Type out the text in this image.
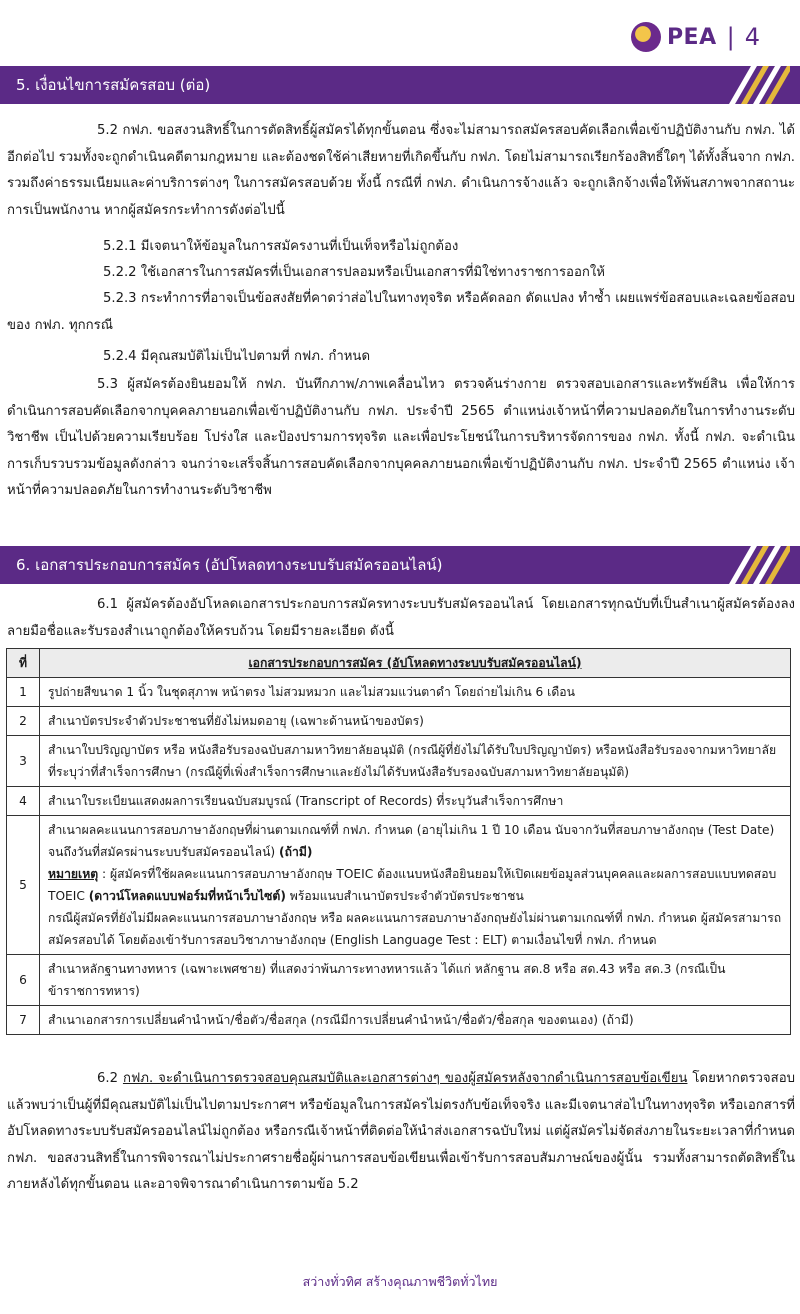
PEA | 4
5. เงื่อนไขการสมัครสอบ (ต่อ)
5.2 กฟภ. ขอสงวนสิทธิ์ในการตัดสิทธิ์ผู้สมัครได้ทุกขั้นตอน ซึ่งจะไม่สามารถสมัครสอบคัดเลือกเพื่อเข้าปฏิบัติงานกับ กฟภ. ได้อีกต่อไป รวมทั้งจะถูกดำเนินคดีตามกฎหมาย และต้องชดใช้ค่าเสียหายที่เกิดขึ้นกับ กฟภ. โดยไม่สามารถเรียกร้องสิทธิ์ใดๆ ได้ทั้งสิ้นจาก กฟภ. รวมถึงค่าธรรมเนียมและค่าบริการต่างๆ ในการสมัครสอบด้วย ทั้งนี้ กรณีที่ กฟภ. ดำเนินการจ้างแล้ว จะถูกเลิกจ้างเพื่อให้พ้นสภาพจากสถานะการเป็นพนักงาน หากผู้สมัครกระทำการดังต่อไปนี้
5.2.1 มีเจตนาให้ข้อมูลในการสมัครงานที่เป็นเท็จหรือไม่ถูกต้อง
5.2.2 ใช้เอกสารในการสมัครที่เป็นเอกสารปลอมหรือเป็นเอกสารที่มิใช่ทางราชการออกให้
5.2.3 กระทำการที่อาจเป็นข้อสงสัยที่คาดว่าส่อไปในทางทุจริต หรือคัดลอก ดัดแปลง ทำซ้ำ เผยแพร่ข้อสอบและเฉลยข้อสอบของ กฟภ. ทุกกรณี
5.2.4 มีคุณสมบัติไม่เป็นไปตามที่ กฟภ. กำหนด
5.3 ผู้สมัครต้องยินยอมให้ กฟภ. บันทึกภาพ/ภาพเคลื่อนไหว ตรวจค้นร่างกาย ตรวจสอบเอกสารและทรัพย์สิน เพื่อให้การดำเนินการสอบคัดเลือกจากบุคคลภายนอกเพื่อเข้าปฏิบัติงานกับ กฟภ. ประจำปี 2565 ตำแหน่งเจ้าหน้าที่ความปลอดภัยในการทำงานระดับวิชาชีพ เป็นไปด้วยความเรียบร้อย โปร่งใส และป้องปรามการทุจริต และเพื่อประโยชน์ในการบริหารจัดการของ กฟภ. ทั้งนี้ กฟภ. จะดำเนินการเก็บรวบรวมข้อมูลดังกล่าว จนกว่าจะเสร็จสิ้นการสอบคัดเลือกจากบุคคลภายนอกเพื่อเข้าปฏิบัติงานกับ กฟภ. ประจำปี 2565 ตำแหน่ง เจ้าหน้าที่ความปลอดภัยในการทำงานระดับวิชาชีพ
6. เอกสารประกอบการสมัคร (อัปโหลดทางระบบรับสมัครออนไลน์)
6.1 ผู้สมัครต้องอัปโหลดเอกสารประกอบการสมัครทางระบบรับสมัครออนไลน์ โดยเอกสารทุกฉบับที่เป็นสำเนาผู้สมัครต้องลงลายมือชื่อและรับรองสำเนาถูกต้องให้ครบถ้วน โดยมีรายละเอียด ดังนี้
ที่	เอกสารประกอบการสมัคร (อัปโหลดทางระบบรับสมัครออนไลน์)
1	รูปถ่ายสีขนาด 1 นิ้ว ในชุดสุภาพ หน้าตรง ไม่สวมหมวก และไม่สวมแว่นตาดำ โดยถ่ายไม่เกิน 6 เดือน
2	สำเนาบัตรประจำตัวประชาชนที่ยังไม่หมดอายุ (เฉพาะด้านหน้าของบัตร)
3	สำเนาใบปริญญาบัตร หรือ หนังสือรับรองฉบับสภามหาวิทยาลัยอนุมัติ (กรณีผู้ที่ยังไม่ได้รับใบปริญญาบัตร) หรือหนังสือรับรองจากมหาวิทยาลัยที่ระบุว่าที่สำเร็จการศึกษา (กรณีผู้ที่เพิ่งสำเร็จการศึกษาและยังไม่ได้รับหนังสือรับรองฉบับสภามหาวิทยาลัยอนุมัติ)
4	สำเนาใบระเบียนแสดงผลการเรียนฉบับสมบูรณ์ (Transcript of Records) ที่ระบุวันสำเร็จการศึกษา
5	สำเนาผลคะแนนการสอบภาษาอังกฤษที่ผ่านตามเกณฑ์ที่ กฟภ. กำหนด (อายุไม่เกิน 1 ปี 10 เดือน นับจากวันที่สอบภาษาอังกฤษ (Test Date) จนถึงวันที่สมัครผ่านระบบรับสมัครออนไลน์) (ถ้ามี)
หมายเหตุ : ผู้สมัครที่ใช้ผลคะแนนการสอบภาษาอังกฤษ TOEIC ต้องแนบหนังสือยินยอมให้เปิดเผยข้อมูลส่วนบุคคลและผลการสอบแบบทดสอบ TOEIC (ดาวน์โหลดแบบฟอร์มที่หน้าเว็บไซต์) พร้อมแนบสำเนาบัตรประจำตัวบัตรประชาชน
กรณีผู้สมัครที่ยังไม่มีผลคะแนนการสอบภาษาอังกฤษ หรือ ผลคะแนนการสอบภาษาอังกฤษยังไม่ผ่านตามเกณฑ์ที่ กฟภ. กำหนด ผู้สมัครสามารถสมัครสอบได้ โดยต้องเข้ารับการสอบวิชาภาษาอังกฤษ (English Language Test : ELT) ตามเงื่อนไขที่ กฟภ. กำหนด

6	สำเนาหลักฐานทางทหาร (เฉพาะเพศชาย) ที่แสดงว่าพ้นภาระทางทหารแล้ว ได้แก่ หลักฐาน สด.8 หรือ สด.43 หรือ สด.3 (กรณีเป็นข้าราชการทหาร)
7	สำเนาเอกสารการเปลี่ยนคำนำหน้า/ชื่อตัว/ชื่อสกุล (กรณีมีการเปลี่ยนคำนำหน้า/ชื่อตัว/ชื่อสกุล ของตนเอง) (ถ้ามี)
6.2 กฟภ. จะดำเนินการตรวจสอบคุณสมบัติและเอกสารต่างๆ ของผู้สมัครหลังจากดำเนินการสอบข้อเขียน โดยหากตรวจสอบแล้วพบว่าเป็นผู้ที่มีคุณสมบัติไม่เป็นไปตามประกาศฯ หรือข้อมูลในการสมัครไม่ตรงกับข้อเท็จจริง และมีเจตนาส่อไปในทางทุจริต หรือเอกสารที่อัปโหลดทางระบบรับสมัครออนไลน์ไม่ถูกต้อง หรือกรณีเจ้าหน้าที่ติดต่อให้นำส่งเอกสารฉบับใหม่ แต่ผู้สมัครไม่จัดส่งภายในระยะเวลาที่กำหนด กฟภ. ขอสงวนสิทธิ์ในการพิจารณาไม่ประกาศรายชื่อผู้ผ่านการสอบข้อเขียนเพื่อเข้ารับการสอบสัมภาษณ์ของผู้นั้น รวมทั้งสามารถตัดสิทธิ์ในภายหลังได้ทุกขั้นตอน และอาจพิจารณาดำเนินการตามข้อ 5.2
สว่างทั่วทิศ สร้างคุณภาพชีวิตทั่วไทย
